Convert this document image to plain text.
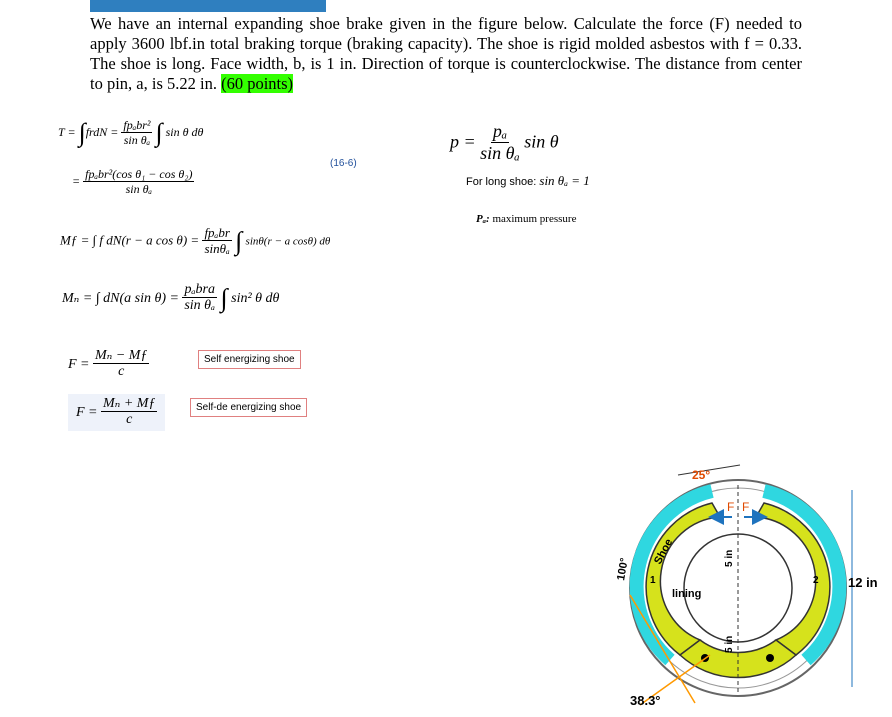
We have an internal expanding shoe brake given in the figure below. Calculate the force (F) needed to apply 3600 lbf.in total braking torque (braking capacity). The shoe is rigid molded asbestos with f = 0.33. The shoe is long. Face width, b, is 1 in. Direction of torque is counterclockwise. The distance from center to pin, a, is 5.22 in. (60 points)
T = ∫frdN = $\frac{\text{fpₐbr²}}{\text{sin θₐ}}$ ∫ sin θ dθ
= $\frac{\text{fpₐbr²(cos θ₁ − cos θ₂)}}{\text{sin θₐ}}$
(16-6)
Mƒ = ∫ f dN(r − a $\cos \theta) = \frac{\text{fpₐbr}}{\text{sinθₐ}}$ ∫ sinθ(r − a cosθ) dθ
Mₙ = ∫ dN(a $\sin \theta) = \frac{\text{pₐbra}}{\text{sin θₐ}}$ ∫ sin² θ dθ
$F = \frac{\text{Mₙ − Mƒ}}{c}$	Self energizing shoe
$F = \frac{\text{Mₙ + Mƒ}}{c}$	Self-de energizing shoe
$p = \frac{\text{pₐ}}{\text{sin θₐ}}$ sin θ
For long shoe: sin θₐ = 1
Pₐ: maximum pressure
25°
F F
Shoe
lining
5 in
5 in
100° 1	2 12 in
38.3°
